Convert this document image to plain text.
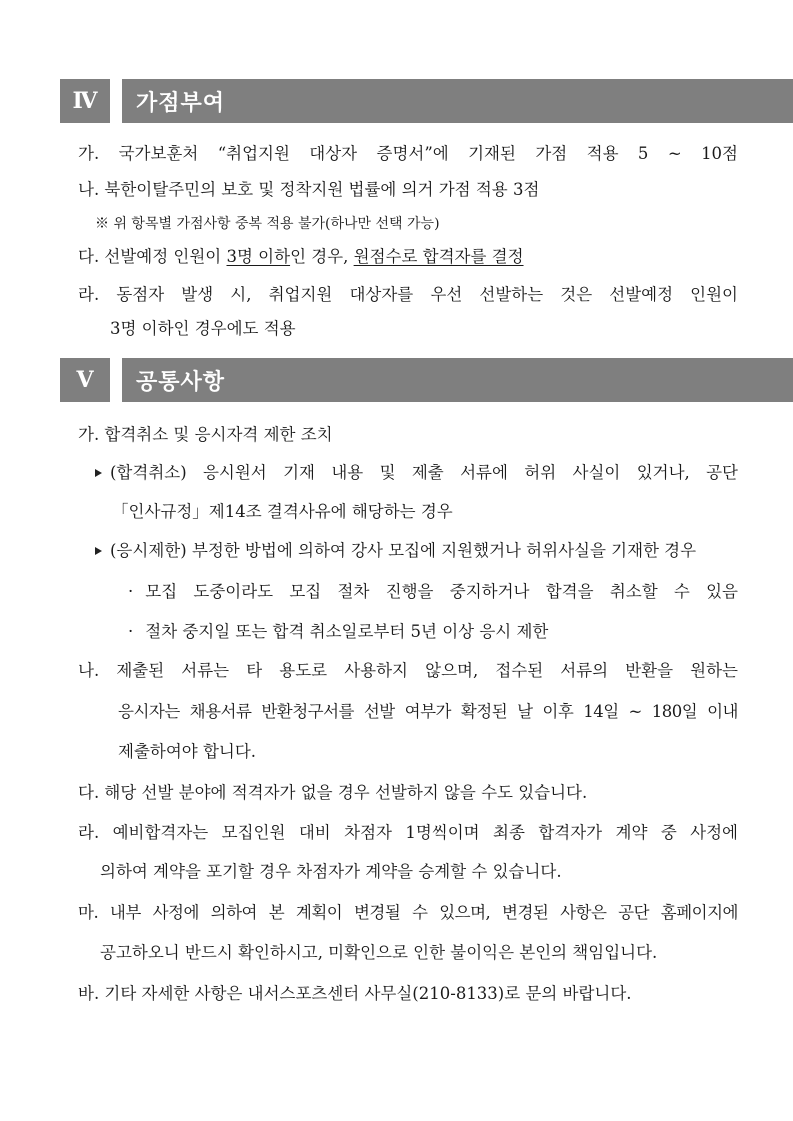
Ⅳ	가점부여
가. 국가보훈처 “취업지원 대상자 증명서”에 기재된 가점 적용 5 ~ 10점
나. 북한이탈주민의 보호 및 정착지원 법률에 의거 가점 적용 3점
※ 위 항목별 가점사항 중복 적용 불가(하나만 선택 가능)
다. 선발예정 인원이 3명 이하인 경우, 원점수로 합격자를 결정
라. 동점자 발생 시, 취업지원 대상자를 우선 선발하는 것은 선발예정 인원이
3명 이하인 경우에도 적용
Ⅴ	공통사항
가. 합격취소 및 응시자격 제한 조치
(합격취소) 응시원서 기재 내용 및 제출 서류에 허위 사실이 있거나, 공단
「인사규정」제14조 결격사유에 해당하는 경우
(응시제한) 부정한 방법에 의하여 강사 모집에 지원했거나 허위사실을 기재한 경우
· 모집 도중이라도 모집 절차 진행을 중지하거나 합격을 취소할 수 있음
· 절차 중지일 또는 합격 취소일로부터 5년 이상 응시 제한
나. 제출된 서류는 타 용도로 사용하지 않으며, 접수된 서류의 반환을 원하는
응시자는 채용서류 반환청구서를 선발 여부가 확정된 날 이후 14일 ~ 180일 이내
제출하여야 합니다.
다. 해당 선발 분야에 적격자가 없을 경우 선발하지 않을 수도 있습니다.
라. 예비합격자는 모집인원 대비 차점자 1명씩이며 최종 합격자가 계약 중 사정에
의하여 계약을 포기할 경우 차점자가 계약을 승계할 수 있습니다.
마. 내부 사정에 의하여 본 계획이 변경될 수 있으며, 변경된 사항은 공단 홈페이지에
공고하오니 반드시 확인하시고, 미확인으로 인한 불이익은 본인의 책임입니다.
바. 기타 자세한 사항은 내서스포츠센터 사무실(210-8133)로 문의 바랍니다.
